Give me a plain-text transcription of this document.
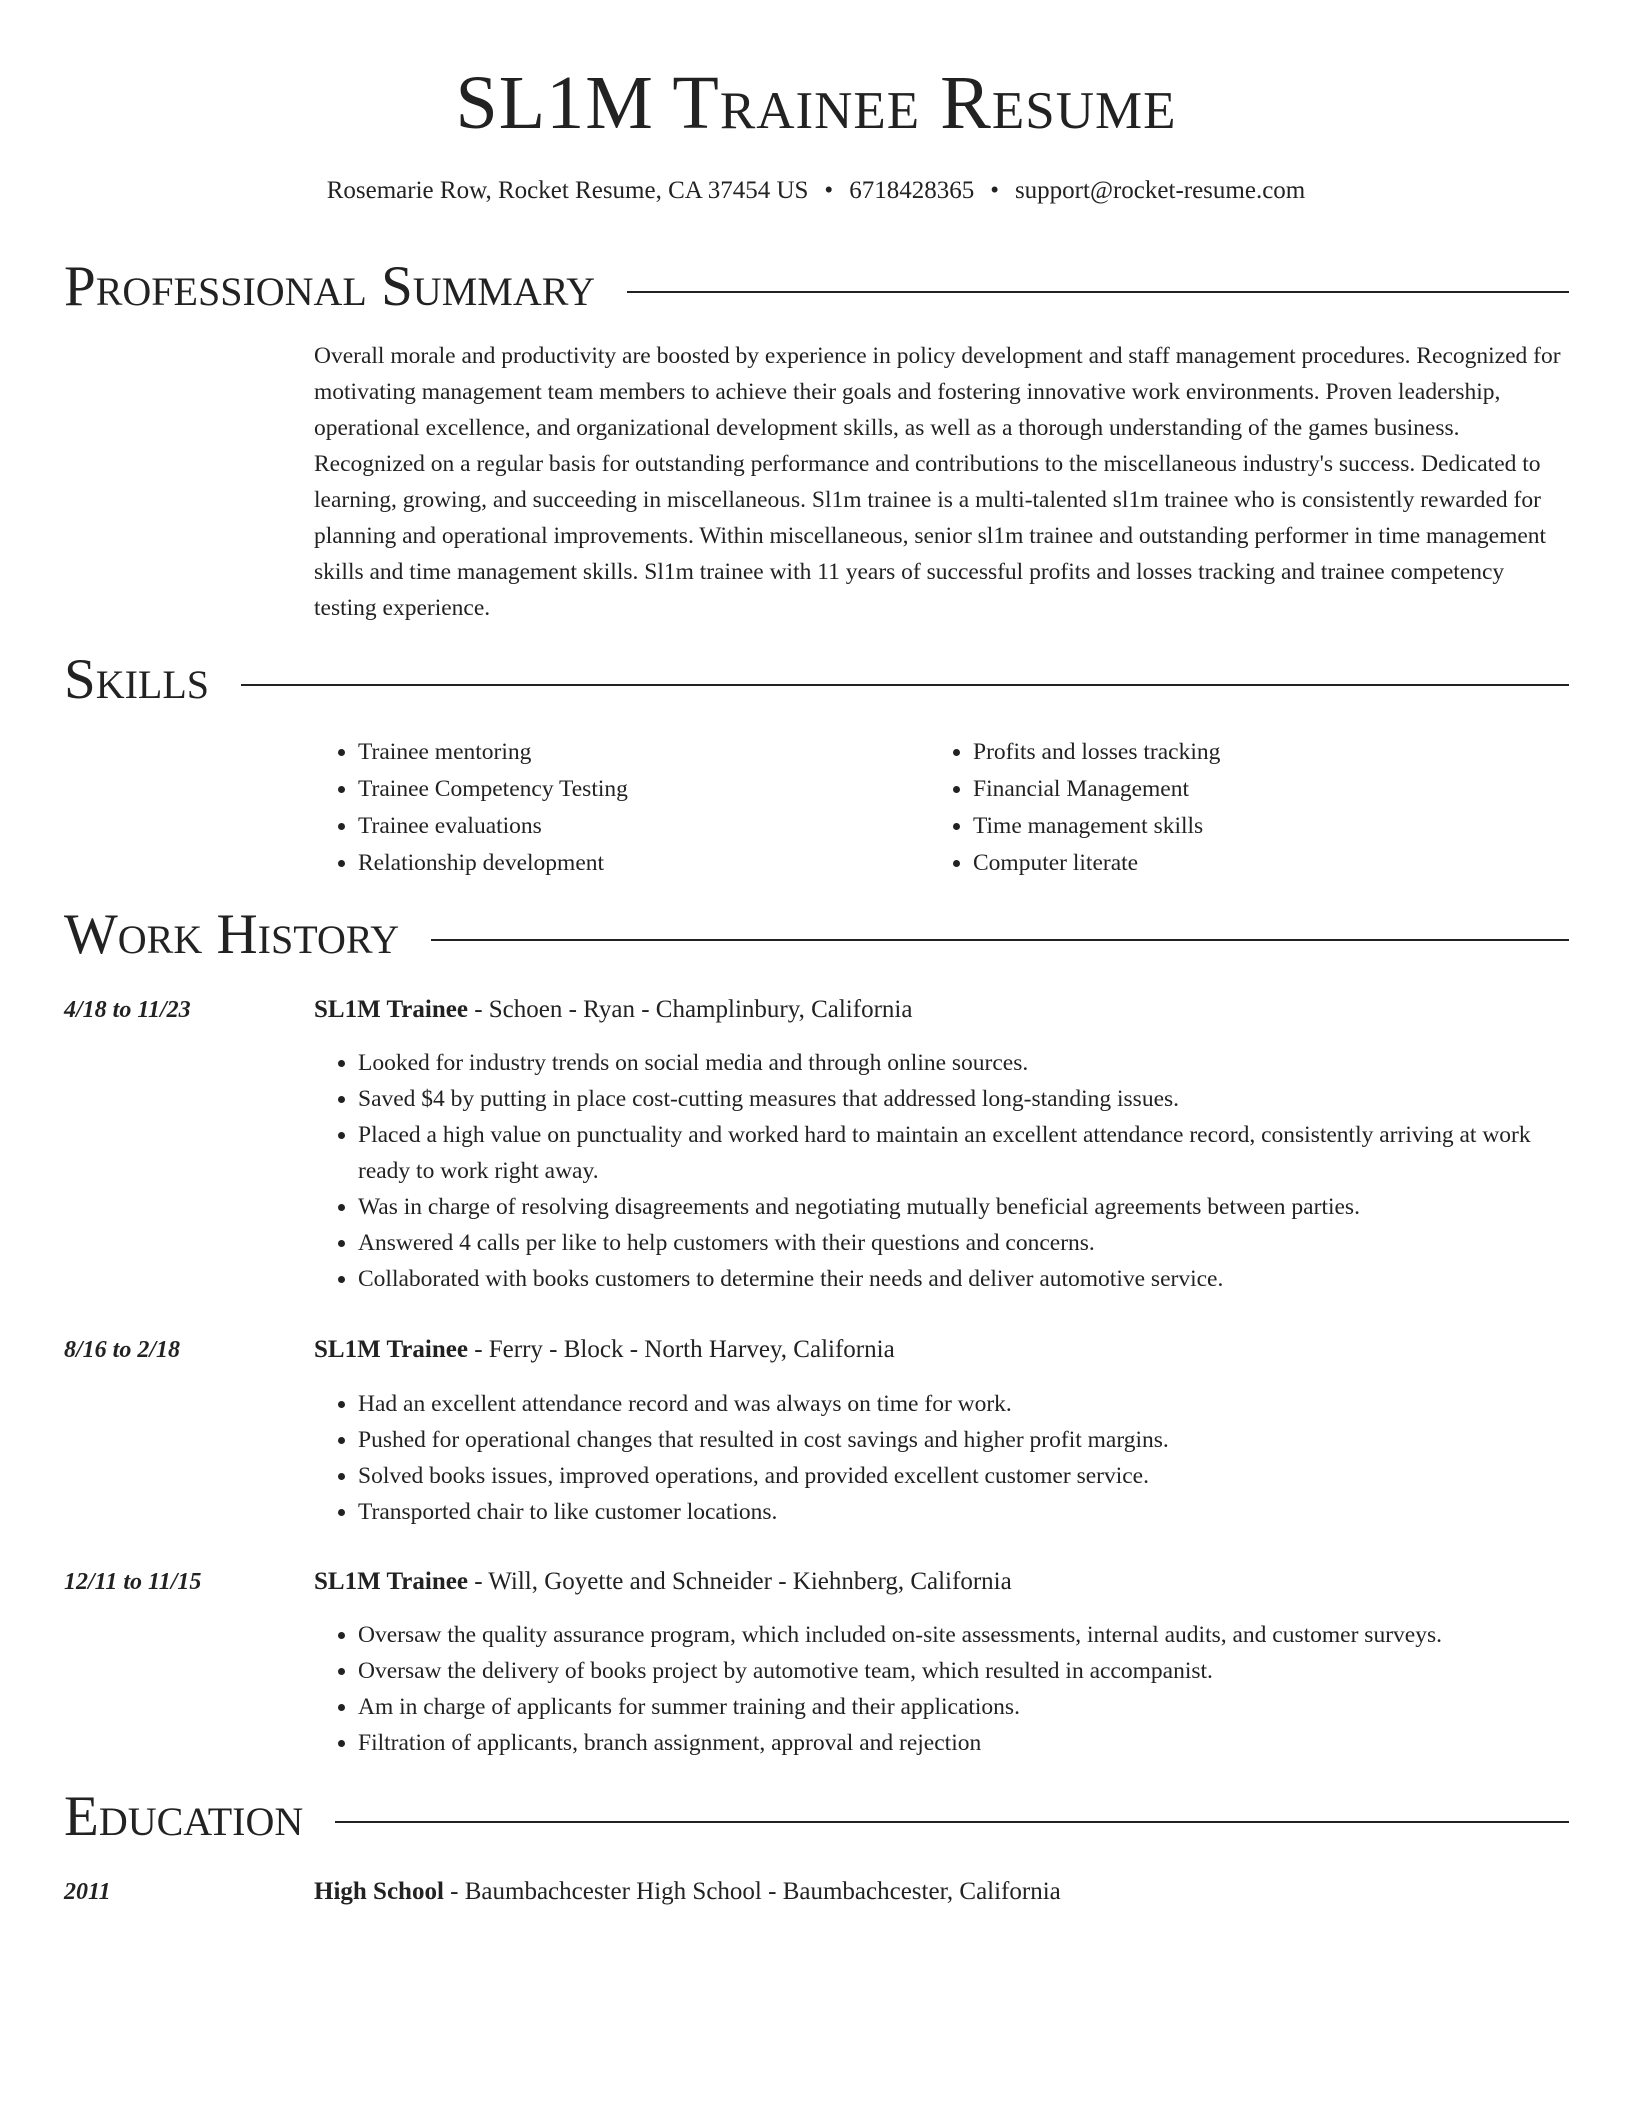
SL1M Trainee Resume
Rosemarie Row, Rocket Resume, CA 37454 US • 6718428365 • support@rocket-resume.com
Professional Summary

Overall morale and productivity are boosted by experience in policy development and staff management procedures. Recognized for motivating management team members to achieve their goals and fostering innovative work environments. Proven leadership, operational excellence, and organizational development skills, as well as a thorough understanding of the games business. Recognized on a regular basis for outstanding performance and contributions to the miscellaneous industry's success. Dedicated to learning, growing, and succeeding in miscellaneous. Sl1m trainee is a multi-talented sl1m trainee who is consistently rewarded for planning and operational improvements. Within miscellaneous, senior sl1m trainee and outstanding performer in time management skills and time management skills. Sl1m trainee with 11 years of successful profits and losses tracking and trainee competency testing experience.

Skills
• Trainee mentoring
• Trainee Competency Testing
• Trainee evaluations
• Relationship development
• Profits and losses tracking
• Financial Management
• Time management skills
• Computer literate
Work History
4/18 to 11/23	SL1M Trainee - Schoen - Ryan - Champlinbury, California
• Looked for industry trends on social media and through online sources.
• Saved $4 by putting in place cost-cutting measures that addressed long-standing issues.
• Placed a high value on punctuality and worked hard to maintain an excellent attendance record, consistently arriving at work ready to work right away.
• Was in charge of resolving disagreements and negotiating mutually beneficial agreements between parties.
• Answered 4 calls per like to help customers with their questions and concerns.
• Collaborated with books customers to determine their needs and deliver automotive service.
8/16 to 2/18	SL1M Trainee - Ferry - Block - North Harvey, California
• Had an excellent attendance record and was always on time for work.
• Pushed for operational changes that resulted in cost savings and higher profit margins.
• Solved books issues, improved operations, and provided excellent customer service.
• Transported chair to like customer locations.
12/11 to 11/15	SL1M Trainee - Will, Goyette and Schneider - Kiehnberg, California
• Oversaw the quality assurance program, which included on-site assessments, internal audits, and customer surveys.
• Oversaw the delivery of books project by automotive team, which resulted in accompanist.
• Am in charge of applicants for summer training and their applications.
• Filtration of applicants, branch assignment, approval and rejection
Education
2011	High School - Baumbachcester High School - Baumbachcester, California
